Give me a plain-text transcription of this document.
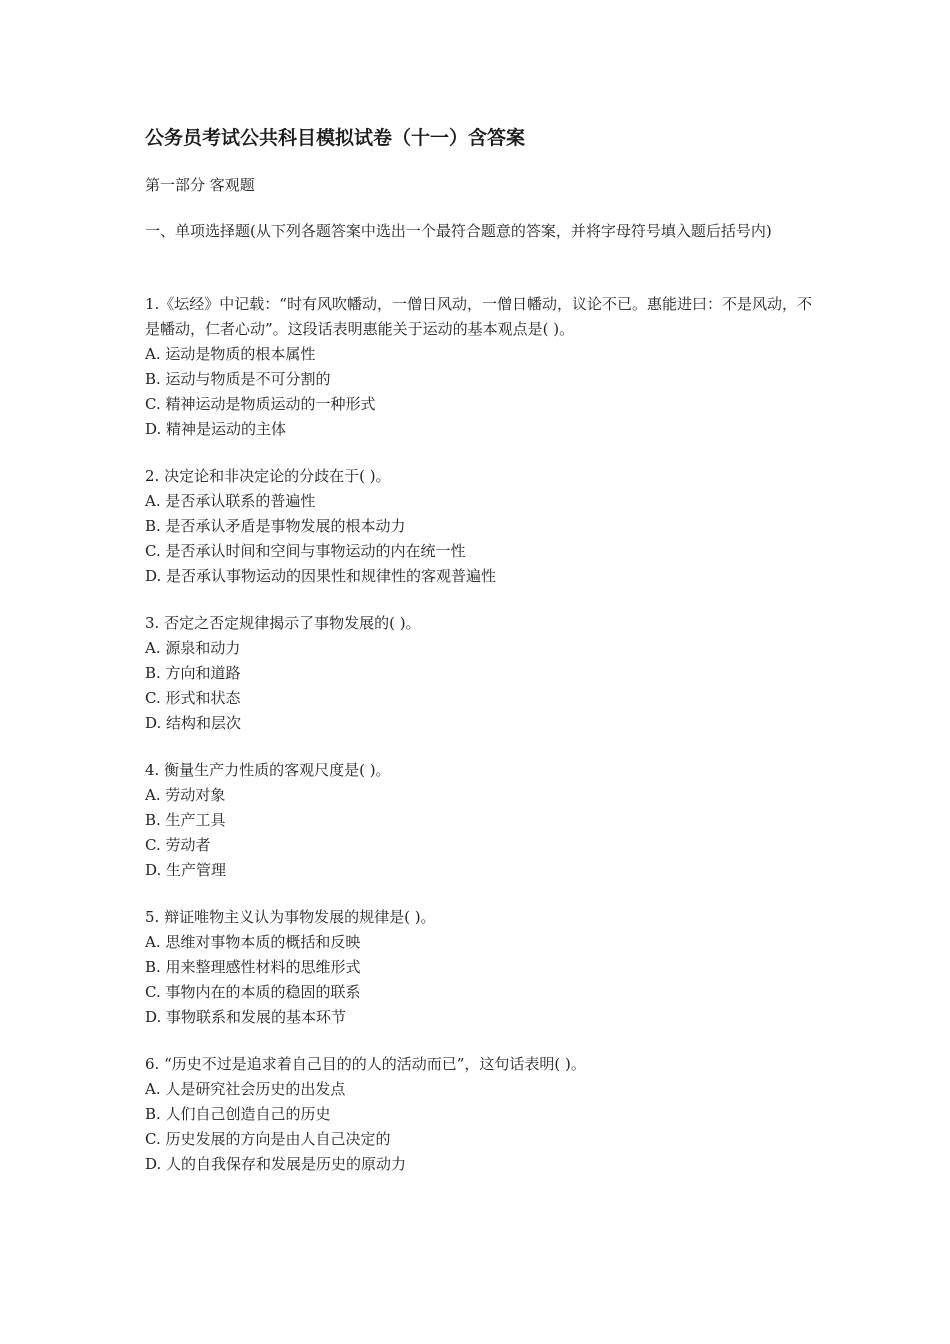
公务员考试公共科目模拟试卷（十一）含答案
第一部分 客观题
一、单项选择题(从下列各题答案中选出一个最符合题意的答案，并将字母符号填入题后括号内)

1.《坛经》中记载：“时有风吹幡动，一僧日风动，一僧日幡动，议论不已。惠能进曰：不是风动，不是幡动，仁者心动”。这段话表明惠能关于运动的基本观点是( )。

A. 运动是物质的根本属性

B. 运动与物质是不可分割的

C. 精神运动是物质运动的一种形式

D. 精神是运动的主体

2. 决定论和非决定论的分歧在于( )。

A. 是否承认联系的普遍性

B. 是否承认矛盾是事物发展的根本动力

C. 是否承认时间和空间与事物运动的内在统一性

D. 是否承认事物运动的因果性和规律性的客观普遍性

3. 否定之否定规律揭示了事物发展的( )。

A. 源泉和动力

B. 方向和道路

C. 形式和状态

D. 结构和层次

4. 衡量生产力性质的客观尺度是( )。

A. 劳动对象

B. 生产工具

C. 劳动者

D. 生产管理

5. 辩证唯物主义认为事物发展的规律是( )。

A. 思维对事物本质的概括和反映

B. 用来整理感性材料的思维形式

C. 事物内在的本质的稳固的联系

D. 事物联系和发展的基本环节

6. “历史不过是追求着自己目的的人的活动而已”，这句话表明( )。

A. 人是研究社会历史的出发点

B. 人们自己创造自己的历史

C. 历史发展的方向是由人自己决定的

D. 人的自我保存和发展是历史的原动力
